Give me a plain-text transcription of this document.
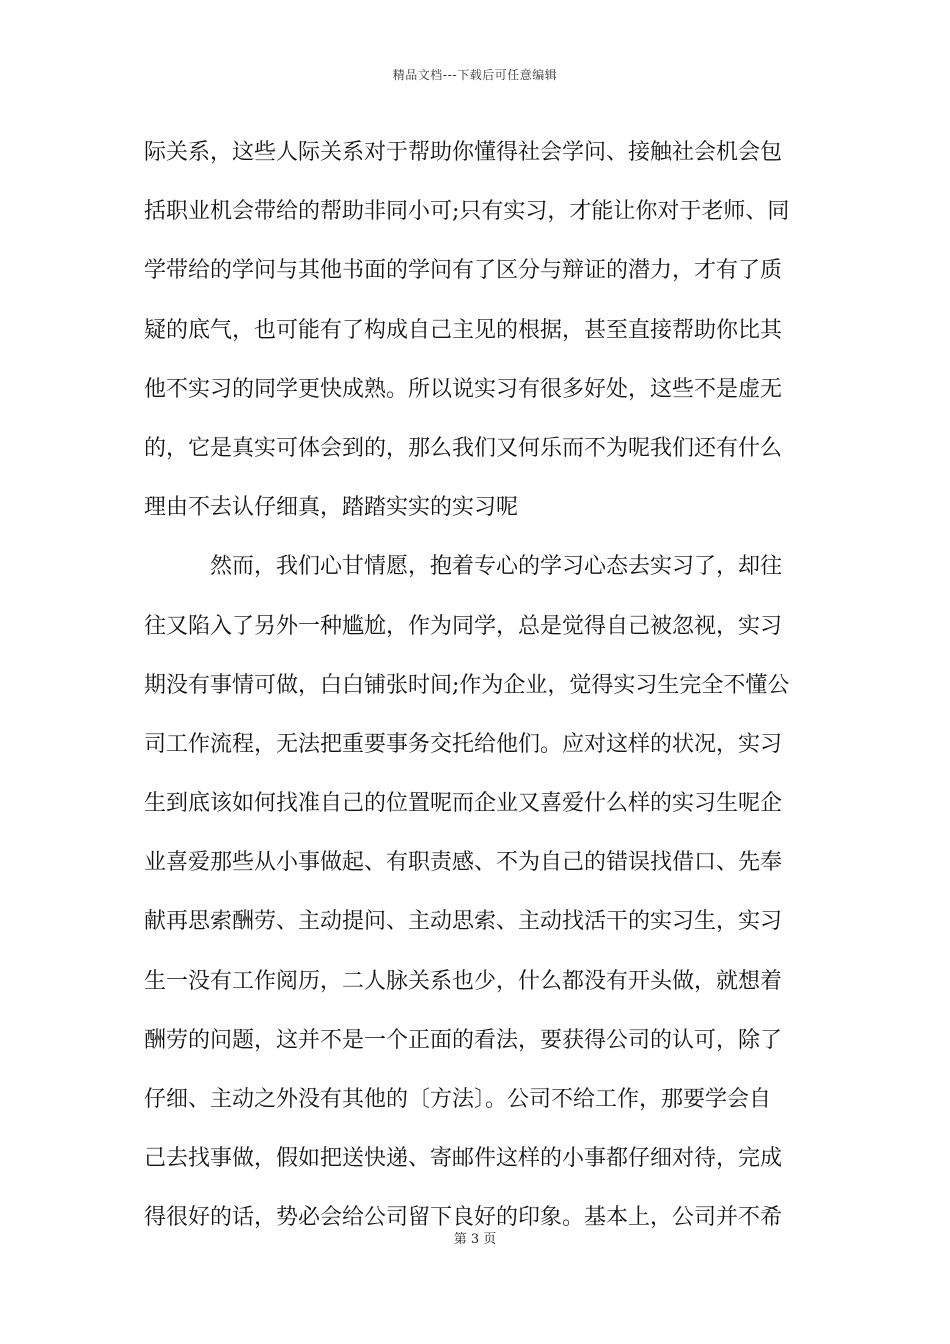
精品文档---下载后可任意编辑
际关系，这些人际关系对于帮助你懂得社会学问、接触社会机会包
括职业机会带给的帮助非同小可;只有实习，才能让你对于老师、同
学带给的学问与其他书面的学问有了区分与辩证的潜力，才有了质
疑的底气，也可能有了构成自己主见的根据，甚至直接帮助你比其
他不实习的同学更快成熟。所以说实习有很多好处，这些不是虚无
的，它是真实可体会到的，那么我们又何乐而不为呢我们还有什么
理由不去认仔细真，踏踏实实的实习呢
然而，我们心甘情愿，抱着专心的学习心态去实习了，却往
往又陷入了另外一种尴尬，作为同学，总是觉得自己被忽视，实习
期没有事情可做，白白铺张时间;作为企业，觉得实习生完全不懂公
司工作流程，无法把重要事务交托给他们。应对这样的状况，实习
生到底该如何找准自己的位置呢而企业又喜爱什么样的实习生呢企
业喜爱那些从小事做起、有职责感、不为自己的错误找借口、先奉
献再思索酬劳、主动提问、主动思索、主动找活干的实习生，实习
生一没有工作阅历，二人脉关系也少，什么都没有开头做，就想着
酬劳的问题，这并不是一个正面的看法，要获得公司的认可，除了
仔细、主动之外没有其他的〔方法〕。公司不给工作，那要学会自
己去找事做，假如把送快递、寄邮件这样的小事都仔细对待，完成
得很好的话，势必会给公司留下良好的印象。基本上，公司并不希
第 3 页
